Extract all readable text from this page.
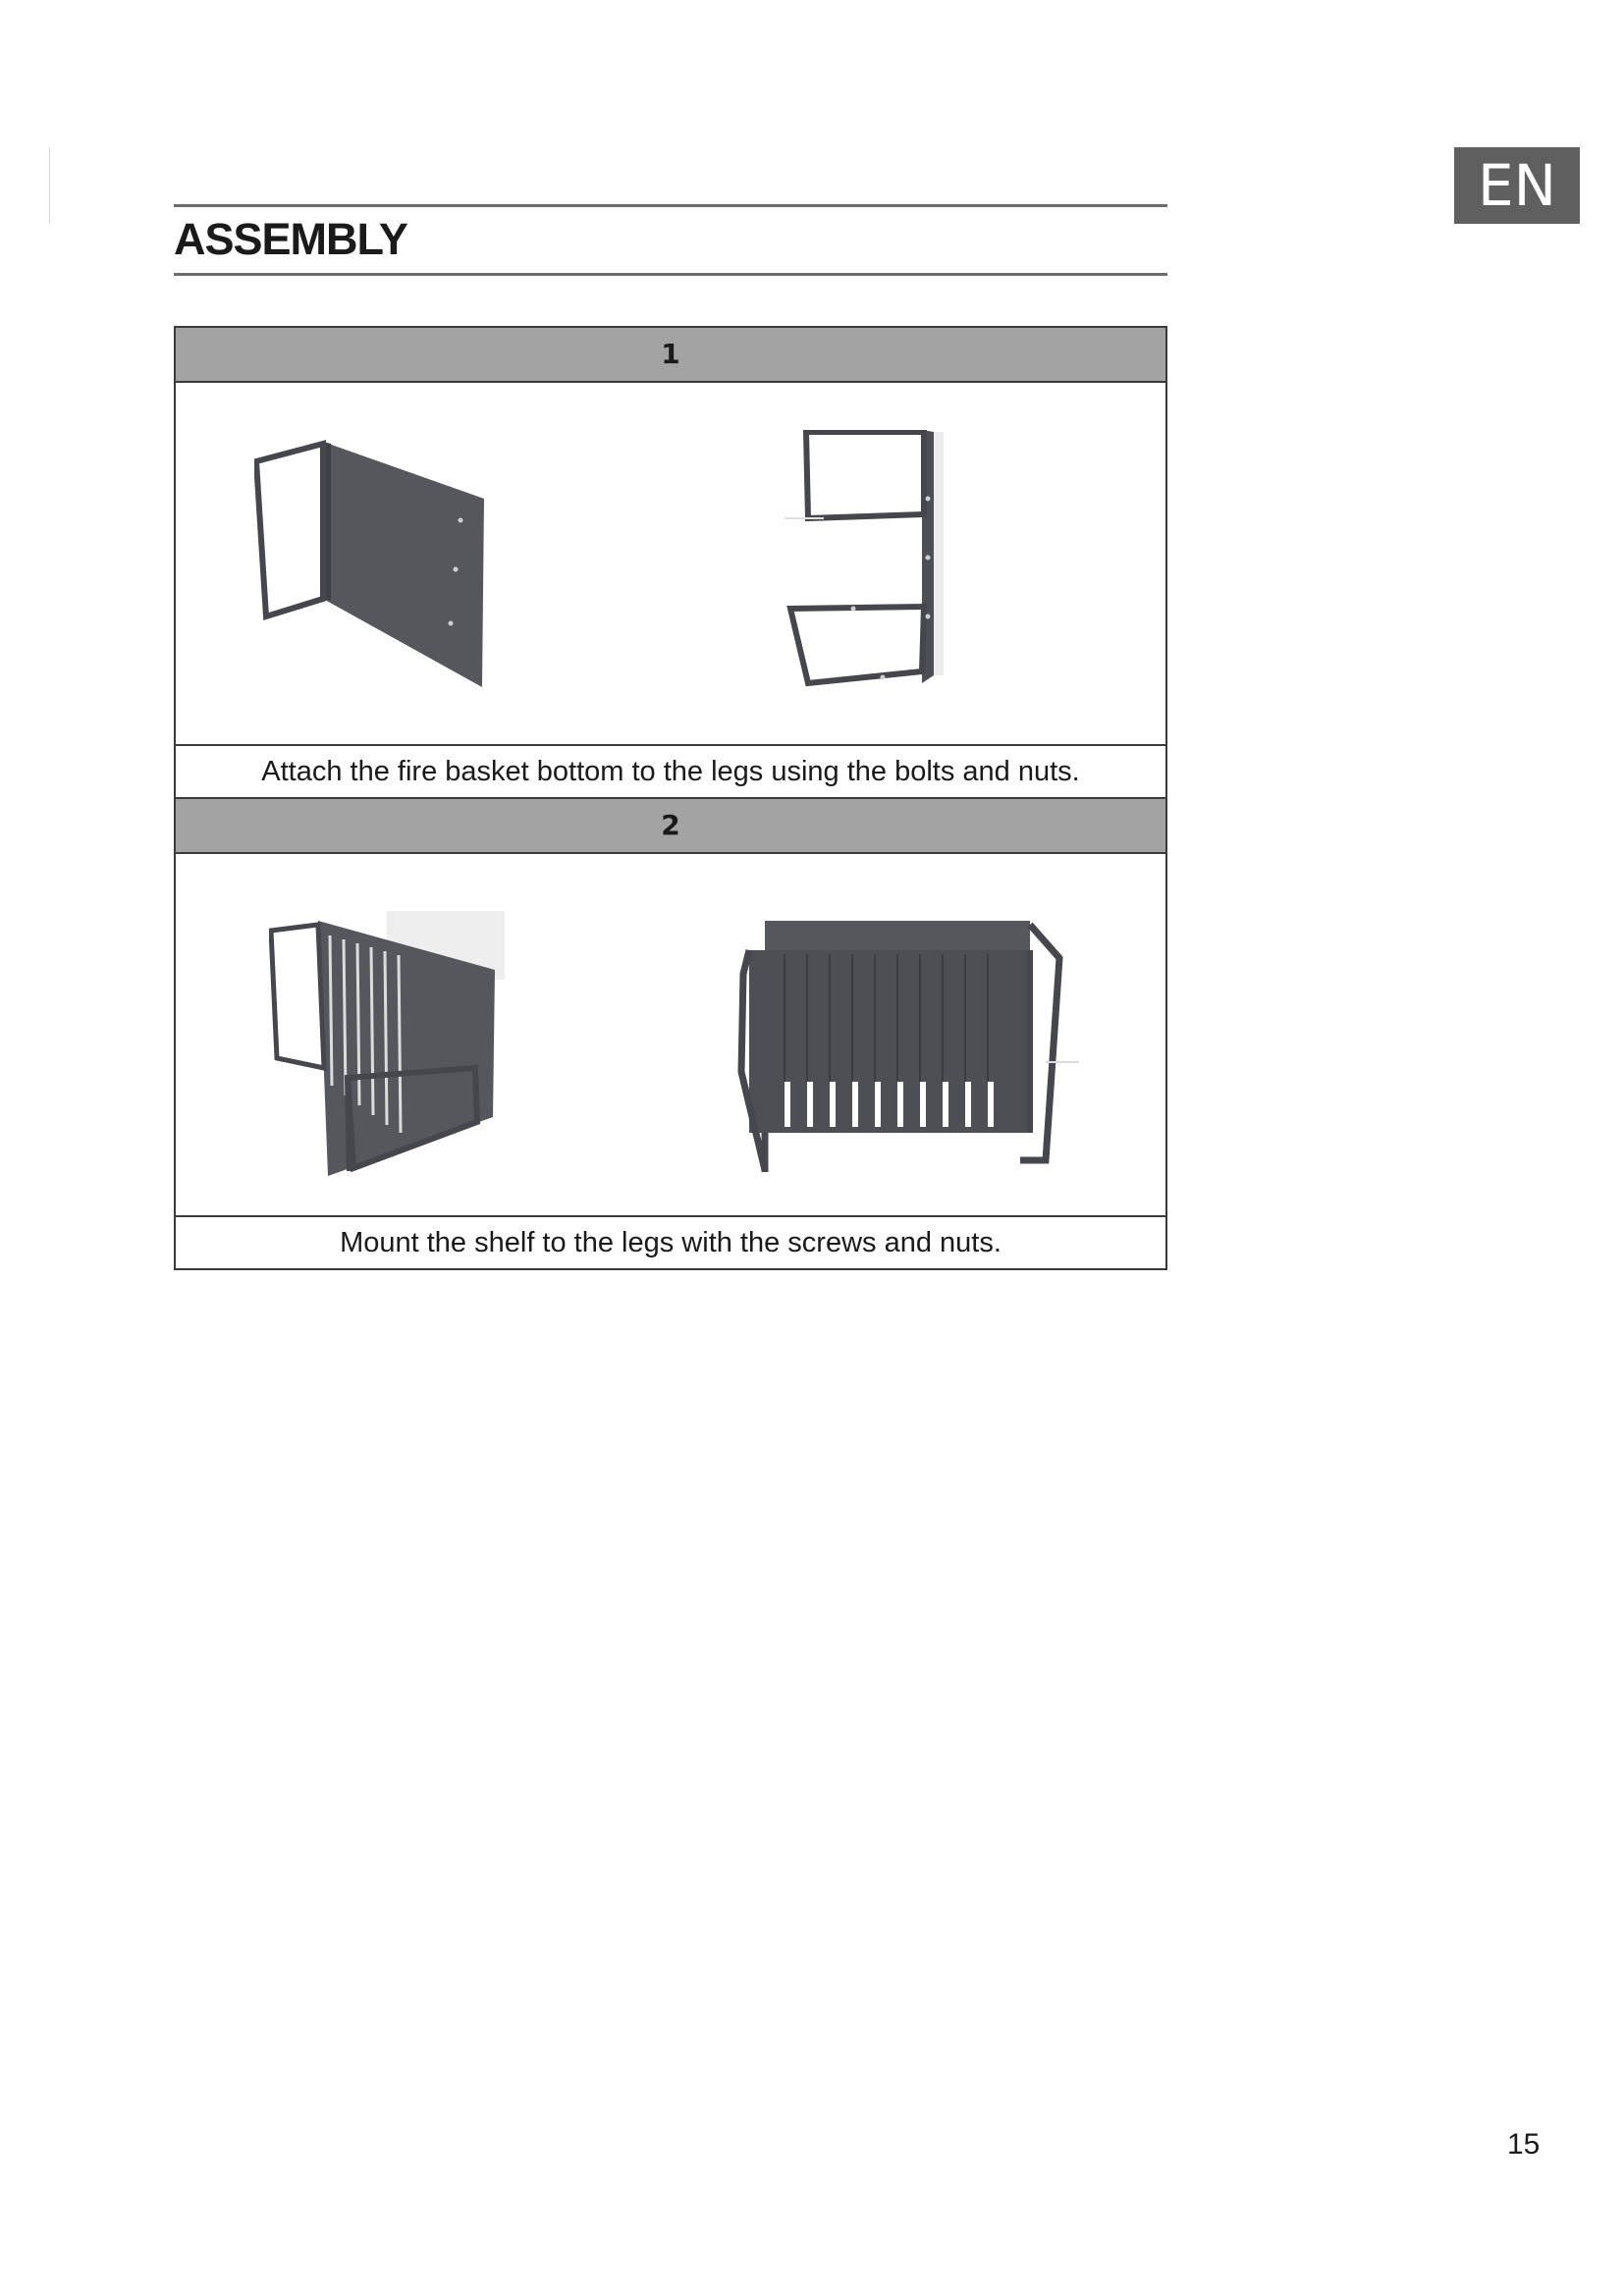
EN
ASSEMBLY
1
Attach the fire basket bottom to the legs using the bolts and nuts.
2
Mount the shelf to the legs with the screws and nuts.
15
